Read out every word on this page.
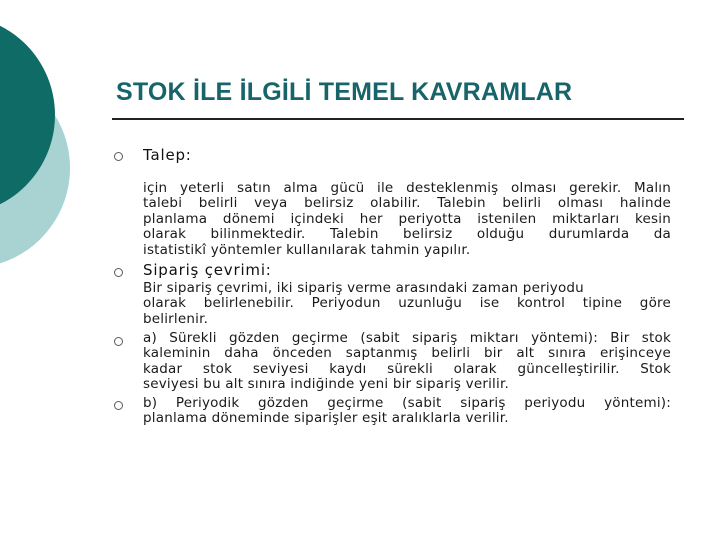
STOK İLE İLGİLİ TEMEL KAVRAMLAR
Talep:
için yeterli satın alma gücü ile desteklenmiş olması gerekir. Malın
talebi belirli veya belirsiz olabilir. Talebin belirli olması halinde
planlama dönemi içindeki her periyotta istenilen miktarları kesin
olarak bilinmektedir. Talebin belirsiz olduğu durumlarda da
istatistikî yöntemler kullanılarak tahmin yapılır.
Sipariş çevrimi:
Bir sipariş çevrimi, iki sipariş verme arasındaki zaman periyodu
olarak belirlenebilir. Periyodun uzunluğu ise kontrol tipine göre
belirlenir.
a) Sürekli gözden geçirme (sabit sipariş miktarı yöntemi): Bir stok
kaleminin daha önceden saptanmış belirli bir alt sınıra erişinceye
kadar stok seviyesi kaydı sürekli olarak güncelleştirilir. Stok
seviyesi bu alt sınıra indiğinde yeni bir sipariş verilir.
b) Periyodik gözden geçirme (sabit sipariş periyodu yöntemi):
planlama döneminde siparişler eşit aralıklarla verilir.
